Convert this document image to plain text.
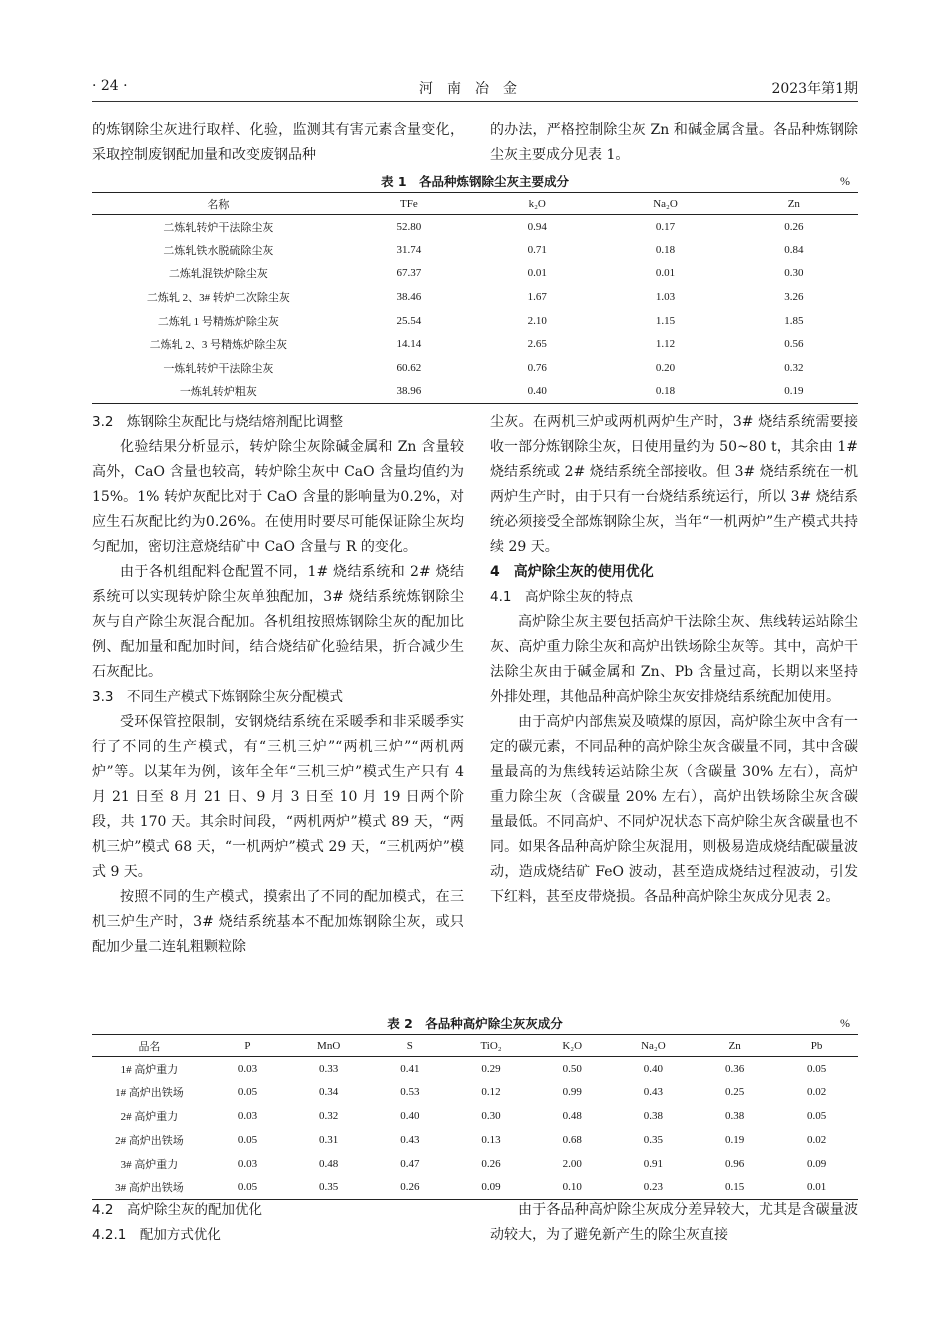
· 24 ·	河南冶金	2023年第1期

的炼钢除尘灰进行取样、化验，监测其有害元素含量变化，采取控制废钢配加量和改变废钢品种

的办法，严格控制除尘灰 Zn 和碱金属含量。各品种炼钢除尘灰主要成分见表 1。

表 1　各品种炼钢除尘灰主要成分	%
名称	TFe	k₂O	Na₂O	Zn
二炼轧转炉干法除尘灰	52.80	0.94	0.17	0.26
二炼轧铁水脱硫除尘灰	31.74	0.71	0.18	0.84
二炼轧混铁炉除尘灰	67.37	0.01	0.01	0.30
二炼轧 2、3# 转炉二次除尘灰	38.46	1.67	1.03	3.26
二炼轧 1 号精炼炉除尘灰	25.54	2.10	1.15	1.85
二炼轧 2、3 号精炼炉除尘灰	14.14	2.65	1.12	0.56
一炼轧转炉干法除尘灰	60.62	0.76	0.20	0.32
一炼轧转炉粗灰	38.96	0.40	0.18	0.19

3.2　炼钢除尘灰配比与烧结熔剂配比调整

化验结果分析显示，转炉除尘灰除碱金属和 Zn 含量较高外，CaO 含量也较高，转炉除尘灰中 CaO 含量均值约为 15%。1% 转炉灰配比对于 CaO 含量的影响量为0.2%，对应生石灰配比约为0.26%。在使用时要尽可能保证除尘灰均匀配加，密切注意烧结矿中 CaO 含量与 R 的变化。

由于各机组配料仓配置不同，1# 烧结系统和 2# 烧结系统可以实现转炉除尘灰单独配加，3# 烧结系统炼钢除尘灰与自产除尘灰混合配加。各机组按照炼钢除尘灰的配加比例、配加量和配加时间，结合烧结矿化验结果，折合减少生石灰配比。

3.3　不同生产模式下炼钢除尘灰分配模式

受环保管控限制，安钢烧结系统在采暖季和非采暖季实行了不同的生产模式，有“三机三炉”“两机三炉”“两机两炉”等。以某年为例，该年全年“三机三炉”模式生产只有 4 月 21 日至 8 月 21 日、9 月 3 日至 10 月 19 日两个阶段，共 170 天。其余时间段，“两机两炉”模式 89 天，“两机三炉”模式 68 天，“一机两炉”模式 29 天，“三机两炉”模式 9 天。

按照不同的生产模式，摸索出了不同的配加模式，在三机三炉生产时，3# 烧结系统基本不配加炼钢除尘灰，或只配加少量二连轧粗颗粒除

尘灰。在两机三炉或两机两炉生产时，3# 烧结系统需要接收一部分炼钢除尘灰，日使用量约为 50~80 t，其余由 1# 烧结系统或 2# 烧结系统全部接收。但 3# 烧结系统在一机两炉生产时，由于只有一台烧结系统运行，所以 3# 烧结系统必须接受全部炼钢除尘灰，当年“一机两炉”生产模式共持续 29 天。

4　高炉除尘灰的使用优化

4.1　高炉除尘灰的特点

高炉除尘灰主要包括高炉干法除尘灰、焦线转运站除尘灰、高炉重力除尘灰和高炉出铁场除尘灰等。其中，高炉干法除尘灰由于碱金属和 Zn、Pb 含量过高，长期以来坚持外排处理，其他品种高炉除尘灰安排烧结系统配加使用。

由于高炉内部焦炭及喷煤的原因，高炉除尘灰中含有一定的碳元素，不同品种的高炉除尘灰含碳量不同，其中含碳量最高的为焦线转运站除尘灰（含碳量 30% 左右），高炉重力除尘灰（含碳量 20% 左右），高炉出铁场除尘灰含碳量最低。不同高炉、不同炉况状态下高炉除尘灰含碳量也不同。如果各品种高炉除尘灰混用，则极易造成烧结配碳量波动，造成烧结矿 FeO 波动，甚至造成烧结过程波动，引发下红料，甚至皮带烧损。各品种高炉除尘灰成分见表 2。

表 2　各品种高炉除尘灰灰成分	%
品名	P	MnO	S	TiO₂	K₂O	Na₂O	Zn	Pb
1# 高炉重力	0.03	0.33	0.41	0.29	0.50	0.40	0.36	0.05
1# 高炉出铁场	0.05	0.34	0.53	0.12	0.99	0.43	0.25	0.02
2# 高炉重力	0.03	0.32	0.40	0.30	0.48	0.38	0.38	0.05
2# 高炉出铁场	0.05	0.31	0.43	0.13	0.68	0.35	0.19	0.02
3# 高炉重力	0.03	0.48	0.47	0.26	2.00	0.91	0.96	0.09
3# 高炉出铁场	0.05	0.35	0.26	0.09	0.10	0.23	0.15	0.01

4.2　高炉除尘灰的配加优化

4.2.1　配加方式优化

由于各品种高炉除尘灰成分差异较大，尤其是含碳量波动较大，为了避免新产生的除尘灰直接
